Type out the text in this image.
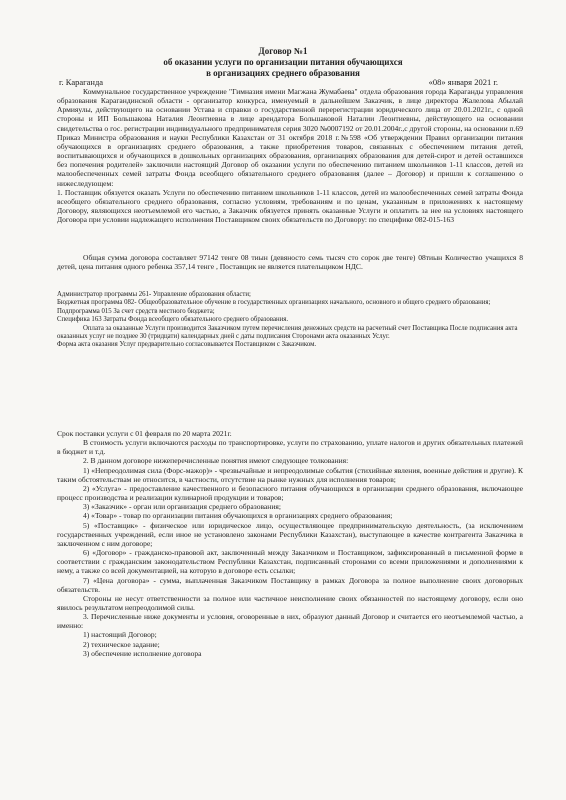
Договор №1
об оказании услуги по организации питания обучающихся
в организациях среднего образования
г. Караганда	«08» января 2021 г.

Коммунальное государственное учреждение "Гимназия имени Магжана Жумабаева" отдела образования города Караганды управления образования Карагандинской области - организатор конкурса, именуемый в дальнейшем Заказчик, в лице директора Жалелова Абылай Армияулы, действующего на основании Устава и справки о государственной перерегистрации юридического лица от 20.01.2021г., с одной стороны и ИП Большакова Наталия Леонтиевна в лице арендатора Большаковой Наталии Леонтиевны, действующего на основании свидетельства о гос. регистрации индивидуального предпринимателя серия 3020 №0007192 от 20.01.2004г.,с другой стороны, на основании п.69 Приказ Министра образования и науки Республики Казахстан от 31 октября 2018 г.№598 «Об утверждении Правил организации питания обучающихся в организациях среднего образования, а также приобретения товаров, связанных с обеспечением питания детей, воспитывающихся и обучающихся в дошкольных организациях образования, организациях образования для детей-сирот и детей оставшихся без попечения родителей» заключили настоящий Договор об оказании услуги по обеспечению питанием школьников 1-11 классов, детей из малообеспеченных семей затраты Фонда всеобщего обязательного среднего образования (далее – Договор) и пришли к соглашению о нижеследующем:

1. Поставщик обязуется оказать Услуги по обеспечению питанием школьников 1-11 классов, детей из малообеспеченных семей затраты Фонда всеобщего обязательного среднего образования, согласно условиям, требованиям и по ценам, указанным в приложениях к настоящему Договору, являющихся неотъемлемой его частью, а Заказчик обязуется принять оказанные Услуги и оплатить за нее на условиях настоящего Договора при условии надлежащего исполнения Поставщиком своих обязательств по Договору: по специфике 082-015-163

Общая сумма договора составляет 97142 тенге 08 тиын (девяносто семь тысяч сто сорок две тенге) 08тиын Количество учащихся 8 детей, цена питания одного ребенка 357,14 тенге , Поставщик не является плательщиком НДС.

Администратор программы 261- Управление образования области;

Бюджетная программа 082- Общеобразовательное обучение в государственных организациях начального, основного и общего среднего образования;

Подпрограмма 015 За счет средств местного бюджета;

Специфика 163 Затраты Фонда всеобщего обязательного среднего образования.

Оплата за оказанные Услуги производится Заказчиком путем перечисления денежных средств на расчетный счет Поставщика После подписания акта оказанных услуг не позднее 30 (тридцати) календарных дней с даты подписания Сторонами акта оказанных Услуг.

Форма акта оказания Услуг предварительно согласовывается Поставщиком с Заказчиком.

Срок поставки услуги с 01 февраля по 20 марта 2021г.

В стоимость услуги включаются расходы по транспортировке, услуги по страхованию, уплате налогов и других обязательных платежей в бюджет и т.д.

2. В данном договоре нижеперечисленные понятия имеют следующее толкования:

1) «Непреодолимая сила (Форс-мажор)» - чрезвычайные и непреодолимые события (стихийные явления, военные действия и другие). К таким обстоятельствам не относится, в частности, отсутствие на рынке нужных для исполнения товаров;

2) «Услуга» - предоставление качественного и безопасного питания обучающихся в организации среднего образования, включающее процесс производства и реализации кулинарной продукции и товаров;

3) «Заказчик» - орган или организация среднего образования;

4) «Товар» - товар по организации питания обучающихся в организациях среднего образования;

5) «Поставщик» - физическое или юридическое лицо, осуществляющее предпринимательскую деятельность, (за исключением государственных учреждений, если иное не установлено законами Республики Казахстан), выступающее в качестве контрагента Заказчика в заключенном с ним договоре;

6) «Договор» - гражданско-правовой акт, заключенный между Заказчиком и Поставщиком, зафиксированный в письменной форме в соответствии с гражданским законодательством Республики Казахстан, подписанный сторонами со всеми приложениями и дополнениями к нему, а также со всей документацией, на которую в договоре есть ссылки;

7) «Цена договора» - сумма, выплаченная Заказчиком Поставщику в рамках Договора за полное выполнение своих договорных обязательств.

Стороны не несут ответственности за полное или частичное неисполнение своих обязанностей по настоящему договору, если оно явилось результатом непреодолимой силы.

3. Перечисленные ниже документы и условия, оговоренные в них, образуют данный Договор и считается его неотъемлемой частью, а именно:

1) настоящий Договор;

2) техническое задание;

3) обеспечение исполнение договора
